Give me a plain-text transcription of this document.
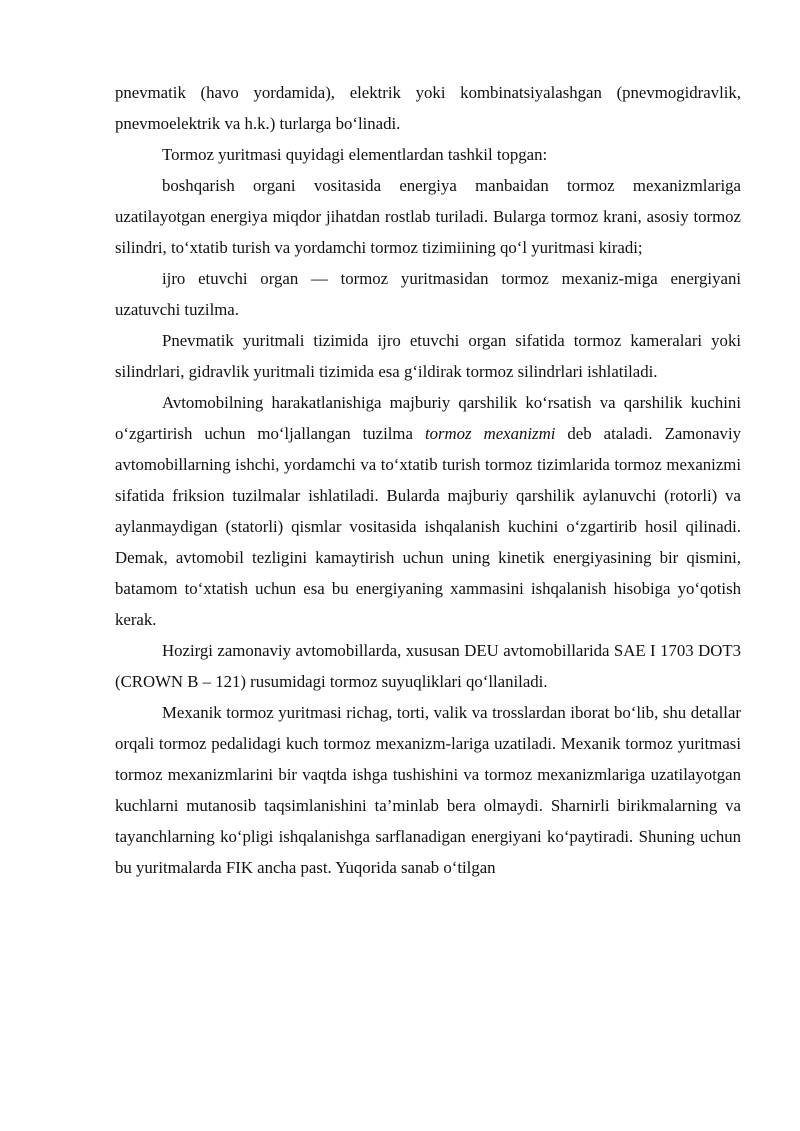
pnevmatik (havo yordamida), elektrik yoki kombinatsiyalashgan (pnevmogidravlik, pnevmoelektrik va h.k.) turlarga bo‘linadi.

Tormoz yuritmasi quyidagi elementlardan tashkil topgan:

boshqarish organi vositasida energiya manbaidan tormoz mexanizmlariga uzatilayotgan energiya miqdor jihatdan rostlab turiladi. Bularga tormoz krani, asosiy tormoz silindri, to‘xtatib turish va yordamchi tormoz tizimiining qo‘l yuritmasi kiradi;

ijro etuvchi organ — tormoz yuritmasidan tormoz mexaniz-miga energiyani uzatuvchi tuzilma.

Pnevmatik yuritmali tizimida ijro etuvchi organ sifatida tormoz kameralari yoki silindrlari, gidravlik yuritmali tizimida esa g‘ildirak tormoz silindrlari ishlatiladi.

Avtomobilning harakatlanishiga majburiy qarshilik ko‘rsatish va qarshilik kuchini o‘zgartirish uchun mo‘ljallangan tuzilma tormoz mexanizmi deb ataladi. Zamonaviy avtomobillarning ishchi, yordamchi va to‘xtatib turish tormoz tizimlarida tormoz mexanizmi sifatida friksion tuzilmalar ishlatiladi. Bularda majburiy qarshilik aylanuvchi (rotorli) va aylanmaydigan (statorli) qismlar vositasida ishqalanish kuchini o‘zgartirib hosil qilinadi. Demak, avtomobil tezligini kamaytirish uchun uning kinetik energiyasining bir qismini, batamom to‘xtatish uchun esa bu energiyaning xammasini ishqalanish hisobiga yo‘qotish kerak.

Hozirgi zamonaviy avtomobillarda, xususan DEU avtomobillarida SAE I 1703 DOT3 (CROWN B – 121) rusumidagi tormoz suyuqliklari qo‘llaniladi.

Mexanik tormoz yuritmasi richag, torti, valik va trosslardan iborat bo‘lib, shu detallar orqali tormoz pedalidagi kuch tormoz mexanizm-lariga uzatiladi. Mexanik tormoz yuritmasi tormoz mexanizmlarini bir vaqtda ishga tushishini va tormoz mexanizmlariga uzatilayotgan kuchlarni mutanosib taqsimlanishini ta’minlab bera olmaydi. Sharnirli birikmalarning va tayanchlarning ko‘pligi ishqalanishga sarflanadigan energiyani ko‘paytiradi. Shuning uchun bu yuritmalarda FIK ancha past. Yuqorida sanab o‘tilgan
